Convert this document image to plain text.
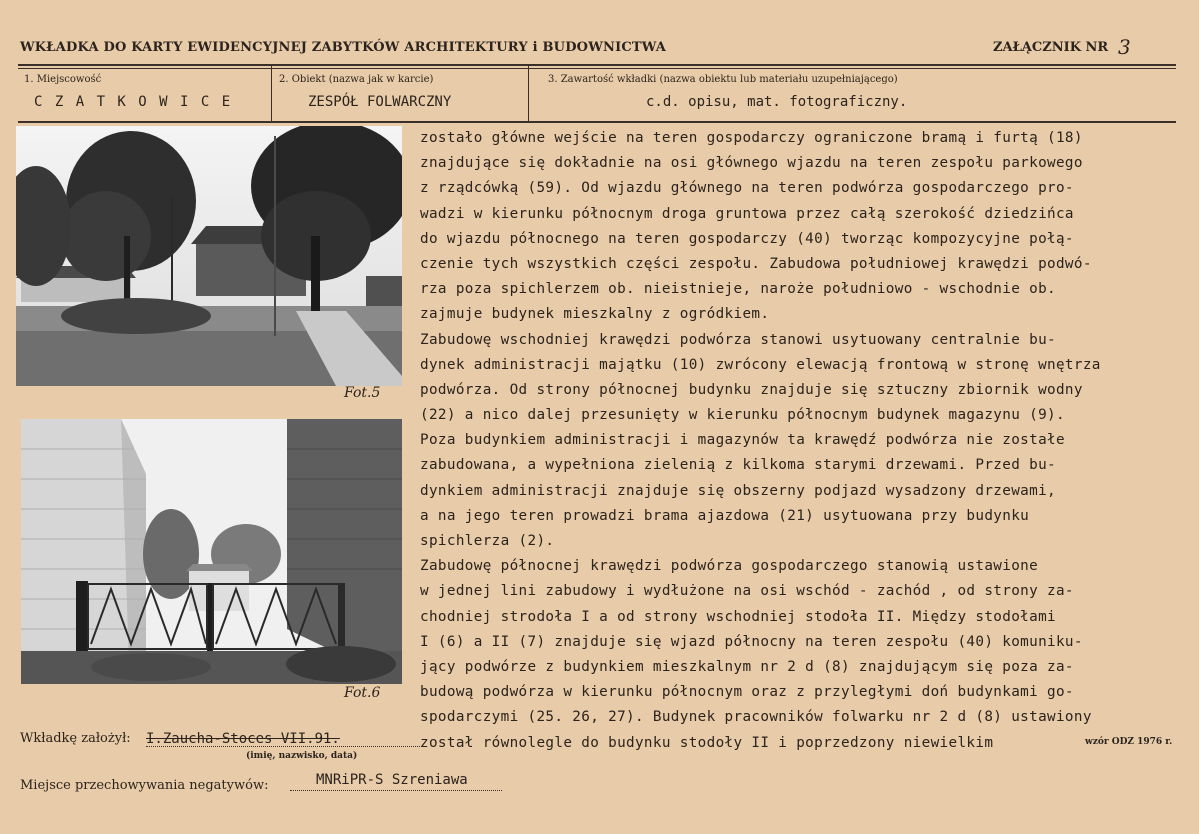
WKŁADKA DO KARTY EWIDENCYJNEJ ZABYTKÓW ARCHITEKTURY i BUDOWNICTWA	ZAŁĄCZNIK NR 3
1. Miejscowość
C Z A T K O W I C E
2. Obiekt (nazwa jak w karcie)
ZESPÓŁ FOLWARCZNY
3. Zawartość wkładki (nazwa obiektu lub materiału uzupełniającego)
c.d. opisu, mat. fotograficzny.
Fot.5
Fot.6
zostało główne wejście na teren gospodarczy ograniczone bramą i furtą (18)
znajdujące się dokładnie na osi głównego wjazdu na teren zespołu parkowego
z rządcówką (59). Od wjazdu głównego na teren podwórza gospodarczego pro-
wadzi w kierunku północnym droga gruntowa przez całą szerokość dziedzińca
do wjazdu północnego na teren gospodarczy (40) tworząc kompozycyjne połą-
czenie tych wszystkich części zespołu. Zabudowa południowej krawędzi podwó-
rza poza spichlerzem ob. nieistnieje, naroże południowo - wschodnie ob.
zajmuje budynek mieszkalny z ogródkiem.
Zabudowę wschodniej krawędzi podwórza stanowi usytuowany centralnie bu-
dynek administracji majątku (10) zwrócony elewacją frontową w stronę wnętrza
podwórza. Od strony północnej budynku znajduje się sztuczny zbiornik wodny
(22) a nico dalej przesunięty w kierunku północnym budynek magazynu (9).
Poza budynkiem administracji i magazynów ta krawędź podwórza nie zostałe
zabudowana, a wypełniona zielenią z kilkoma starymi drzewami. Przed bu-
dynkiem administracji znajduje się obszerny podjazd wysadzony drzewami,
a na jego teren prowadzi brama ajazdowa (21) usytuowana przy budynku
spichlerza (2).
Zabudowę północnej krawędzi podwórza gospodarczego stanowią ustawione
w jednej lini zabudowy i wydłużone na osi wschód - zachód , od strony za-
chodniej strodoła I a od strony wschodniej stodoła II. Między stodołami
I (6) a II (7) znajduje się wjazd północny na teren zespołu (40) komuniku-
jący podwórze z budynkiem mieszkalnym nr 2 d (8) znajdującym się poza za-
budową podwórza w kierunku północnym oraz z przyległymi doń budynkami go-
spodarczymi (25. 26, 27). Budynek pracowników folwarku nr 2 d (8) ustawiony
został równolegle do budynku stodoły II i poprzedzony niewielkim
Wkładkę założył: I.Zaucha-Stoces VII.91.
(imię, nazwisko, data)
wzór ODZ 1976 r.
Miejsce przechowywania negatywów:	MNRiPR-S Szreniawa
